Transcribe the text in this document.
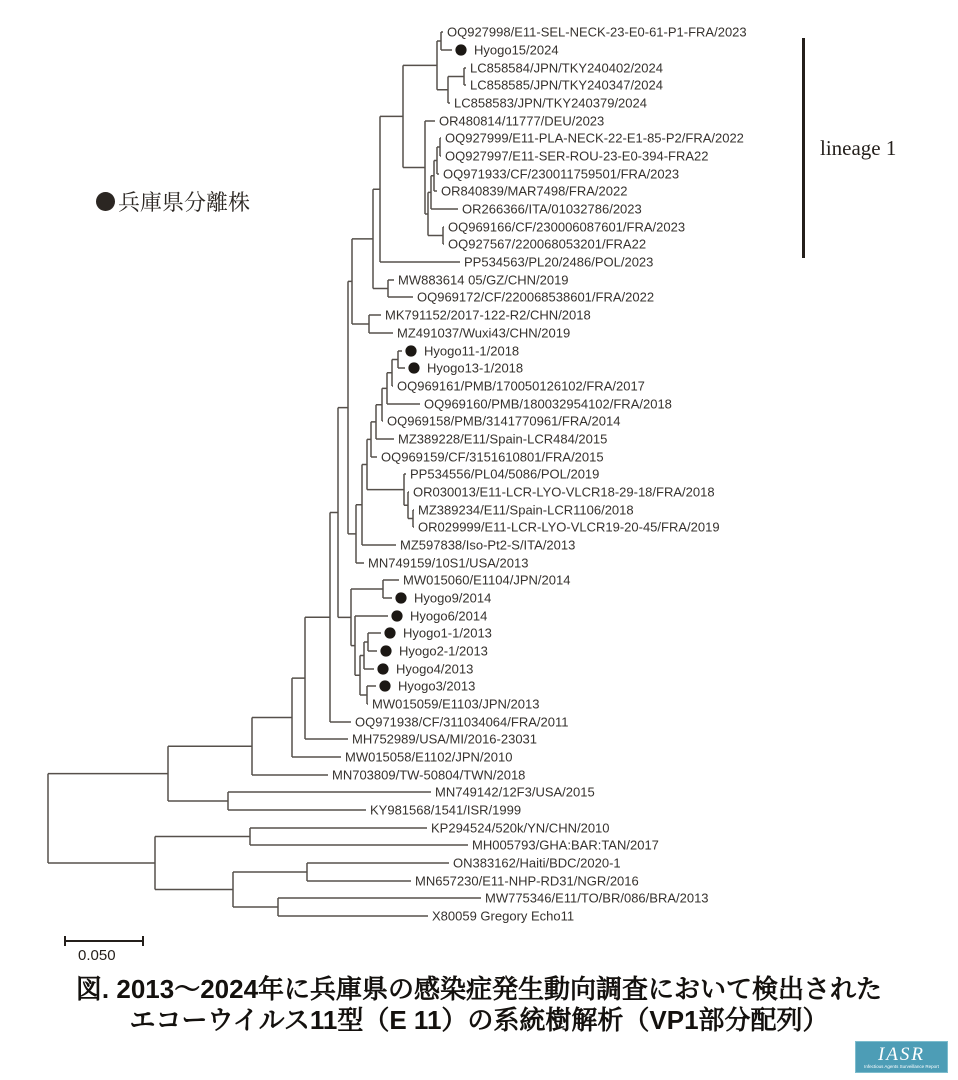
OQ927998/E11-SEL-NECK-23-E0-61-P1-FRA/2023
Hyogo15/2024
LC858584/JPN/TKY240402/2024
LC858585/JPN/TKY240347/2024
LC858583/JPN/TKY240379/2024
OR480814/11777/DEU/2023
OQ927999/E11-PLA-NECK-22-E1-85-P2/FRA/2022
OQ927997/E11-SER-ROU-23-E0-394-FRA22
OQ971933/CF/230011759501/FRA/2023
OR840839/MAR7498/FRA/2022
OR266366/ITA/01032786/2023
OQ969166/CF/230006087601/FRA/2023
OQ927567/220068053201/FRA22
PP534563/PL20/2486/POL/2023
MW883614 05/GZ/CHN/2019
OQ969172/CF/220068538601/FRA/2022
MK791152/2017-122-R2/CHN/2018
MZ491037/Wuxi43/CHN/2019
Hyogo11-1/2018
Hyogo13-1/2018
OQ969161/PMB/170050126102/FRA/2017
OQ969160/PMB/180032954102/FRA/2018
OQ969158/PMB/3141770961/FRA/2014
MZ389228/E11/Spain-LCR484/2015
OQ969159/CF/3151610801/FRA/2015
PP534556/PL04/5086/POL/2019
OR030013/E11-LCR-LYO-VLCR18-29-18/FRA/2018
MZ389234/E11/Spain-LCR1106/2018
OR029999/E11-LCR-LYO-VLCR19-20-45/FRA/2019
MZ597838/Iso-Pt2-S/ITA/2013
MN749159/10S1/USA/2013
MW015060/E1104/JPN/2014
Hyogo9/2014
Hyogo6/2014
Hyogo1-1/2013
Hyogo2-1/2013
Hyogo4/2013
Hyogo3/2013
MW015059/E1103/JPN/2013
OQ971938/CF/311034064/FRA/2011
MH752989/USA/MI/2016-23031
MW015058/E1102/JPN/2010
MN703809/TW-50804/TWN/2018
MN749142/12F3/USA/2015
KY981568/1541/ISR/1999
KP294524/520k/YN/CHN/2010
MH005793/GHA:BAR:TAN/2017
ON383162/Haiti/BDC/2020-1
MN657230/E11-NHP-RD31/NGR/2016
MW775346/E11/TO/BR/086/BRA/2013
X80059 Gregory Echo11
兵庫県分離株
lineage 1
0.050
図. 2013～2024年に兵庫県の感染症発生動向調査において検出された
エコーウイルス11型（E 11）の系統樹解析（VP1部分配列）
IASR
Infectious Agents Surveillance Report
